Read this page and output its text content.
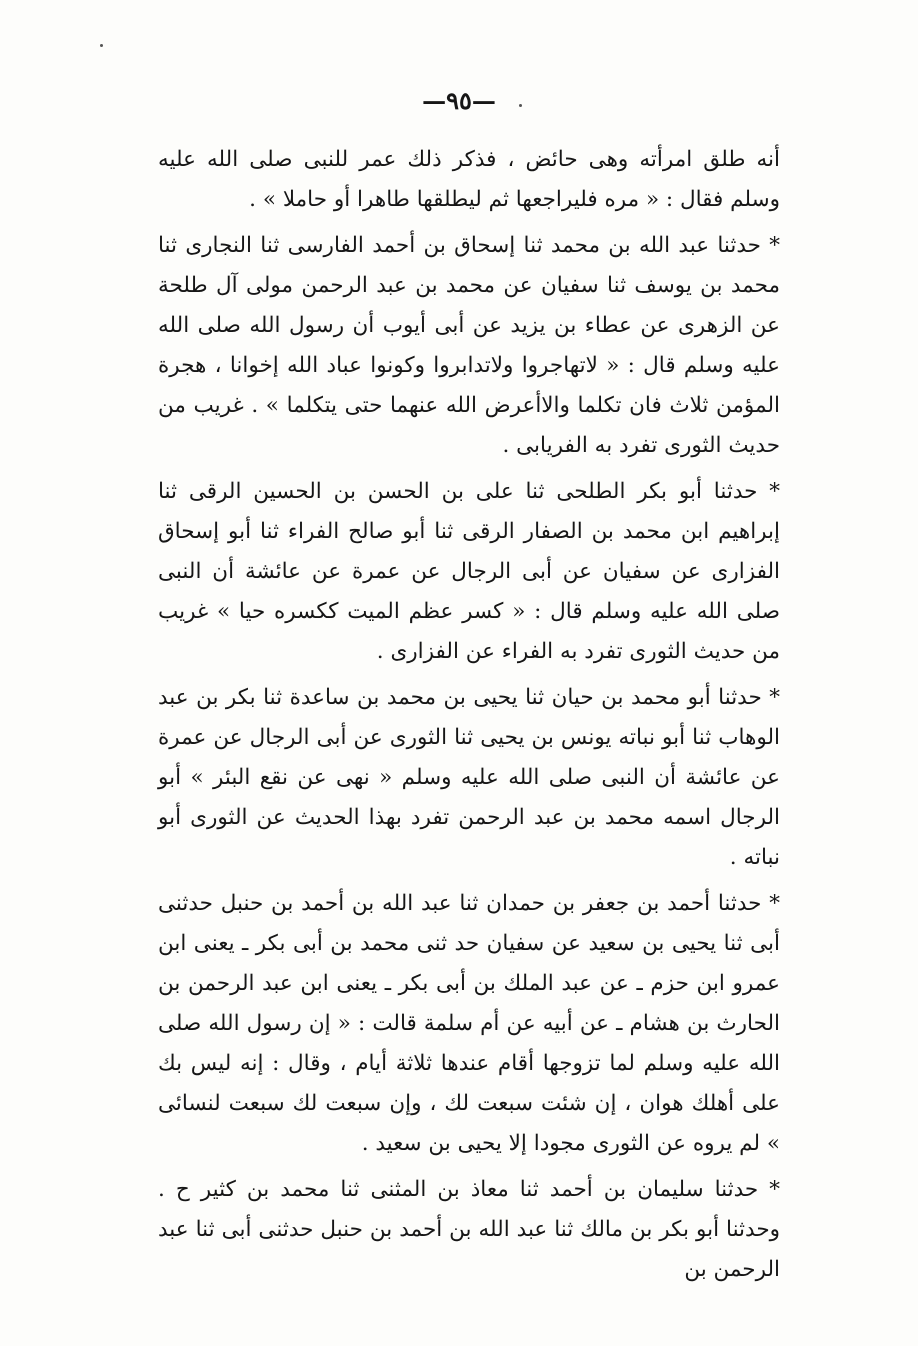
—٩٥—

أنه طلق امرأته وهى حائض ، فذكر ذلك عمر للنبى صلى الله عليه وسلم فقال : « مره فليراجعها ثم ليطلقها طاهرا أو حاملا » .

* حدثنا عبد الله بن محمد ثنا إسحاق بن أحمد الفارسى ثنا النجارى ثنا محمد بن يوسف ثنا سفيان عن محمد بن عبد الرحمن مولى آل طلحة عن الزهرى عن عطاء بن يزيد عن أبى أيوب أن رسول الله صلى الله عليه وسلم قال : « لاتهاجروا ولاتدابروا وكونوا عباد الله إخوانا ، هجرة المؤمن ثلاث فان تكلما والاأعرض الله عنهما حتى يتكلما » . غريب من حديث الثورى تفرد به الفريابى .

* حدثنا أبو بكر الطلحى ثنا على بن الحسن بن الحسين الرقى ثنا إبراهيم ابن محمد بن الصفار الرقى ثنا أبو صالح الفراء ثنا أبو إسحاق الفزارى عن سفيان عن أبى الرجال عن عمرة عن عائشة أن النبى صلى الله عليه وسلم قال : « كسر عظم الميت ككسره حيا » غريب من حديث الثورى تفرد به الفراء عن الفزارى .

* حدثنا أبو محمد بن حيان ثنا يحيى بن محمد بن ساعدة ثنا بكر بن عبد الوهاب ثنا أبو نباته يونس بن يحيى ثنا الثورى عن أبى الرجال عن عمرة عن عائشة أن النبى صلى الله عليه وسلم « نهى عن نقع البئر » أبو الرجال اسمه محمد بن عبد الرحمن تفرد بهذا الحديث عن الثورى أبو نباته .

* حدثنا أحمد بن جعفر بن حمدان ثنا عبد الله بن أحمد بن حنبل حدثنى أبى ثنا يحيى بن سعيد عن سفيان حد ثنى محمد بن أبى بكر ـ يعنى ابن عمرو ابن حزم ـ عن عبد الملك بن أبى بكر ـ يعنى ابن عبد الرحمن بن الحارث بن هشام ـ عن أبيه عن أم سلمة قالت : « إن رسول الله صلى الله عليه وسلم لما تزوجها أقام عندها ثلاثة أيام ، وقال : إنه ليس بك على أهلك هوان ، إن شئت سبعت لك ، وإن سبعت لك سبعت لنسائى » لم يروه عن الثورى مجودا إلا يحيى بن سعيد .

* حدثنا سليمان بن أحمد ثنا معاذ بن المثنى ثنا محمد بن كثير ح . وحدثنا أبو بكر بن مالك ثنا عبد الله بن أحمد بن حنبل حدثنى أبى ثنا عبد الرحمن بن
